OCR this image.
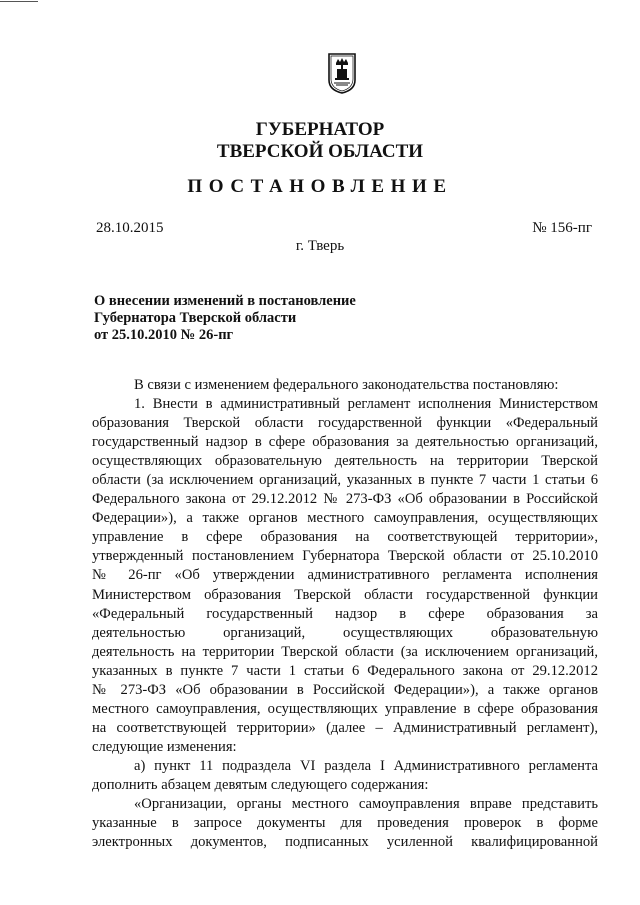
ГУБЕРНАТОР
ТВЕРСКОЙ ОБЛАСТИ
ПОСТАНОВЛЕНИЕ
28.10.2015	№ 156-пг
г. Тверь
О внесении изменений в постановление
Губернатора Тверской области
от 25.10.2010 № 26-пг
В связи с изменением федерального законодательства постановляю:
1. Внести в административный регламент исполнения Министерством
образования Тверской области государственной функции «Федеральный
государственный надзор в сфере образования за деятельностью организаций,
осуществляющих образовательную деятельность на территории Тверской
области (за исключением организаций, указанных в пункте 7 части 1 статьи 6
Федерального закона от 29.12.2012 № 273-ФЗ «Об образовании в Российской
Федерации»), а также органов местного самоуправления, осуществляющих
управление в сфере образования на соответствующей территории»,
утвержденный постановлением Губернатора Тверской области от 25.10.2010
№ 26-пг «Об утверждении административного регламента исполнения
Министерством образования Тверской области государственной функции
«Федеральный государственный надзор в сфере образования за
деятельностью организаций, осуществляющих образовательную
деятельность на территории Тверской области (за исключением организаций,
указанных в пункте 7 части 1 статьи 6 Федерального закона от 29.12.2012
№ 273-ФЗ «Об образовании в Российской Федерации»), а также органов
местного самоуправления, осуществляющих управление в сфере образования
на соответствующей территории» (далее – Административный регламент),
следующие изменения:
а) пункт 11 подраздела VI раздела I Административного регламента
дополнить абзацем девятым следующего содержания:
«Организации, органы местного самоуправления вправе представить
указанные в запросе документы для проведения проверок в форме
электронных документов, подписанных усиленной квалифицированной
